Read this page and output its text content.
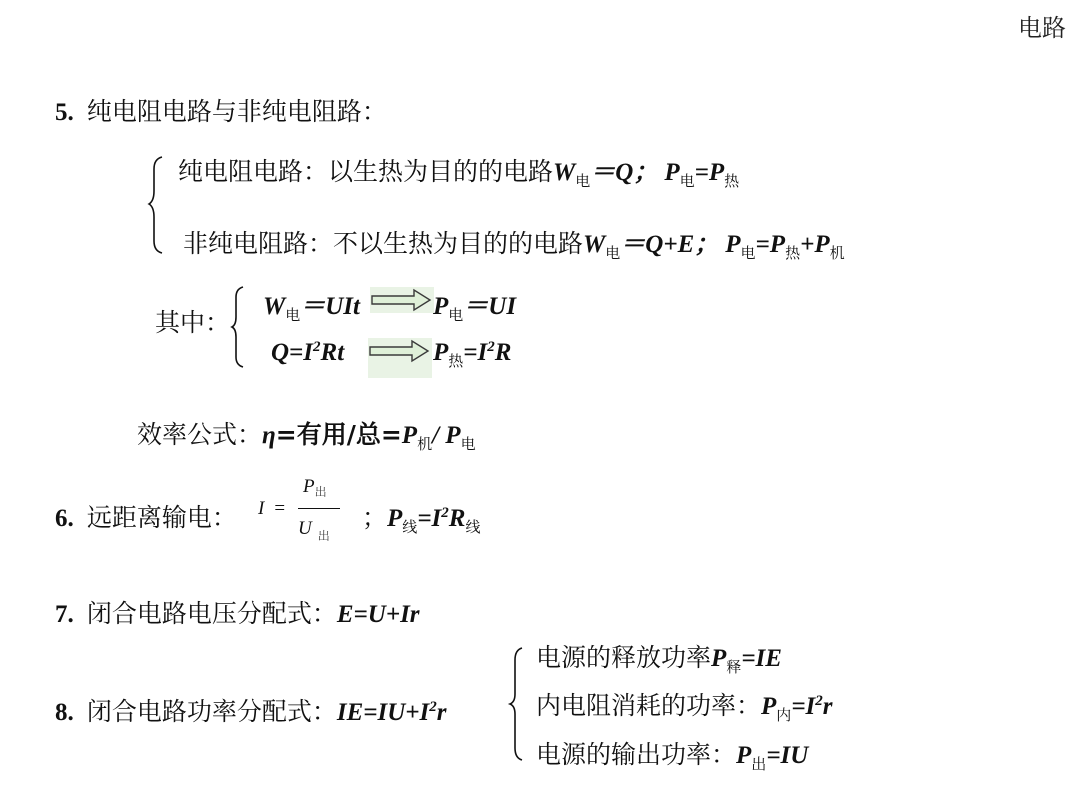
电路
5. 纯电阻电路与非纯电阻路：
纯电阻电路：以生热为目的的电路$W_电=Q$； $P_电=P_热$
非纯电阻路：不以生热为目的的电路$W_电=Q+E$； $P_电=P_热+P_机$
其中：
$W_电=UIt$	$P_电=UI$
$Q=I^2Rt$	$P_热=I^2R$
效率公式：η=有用/总$=P_机/$ $P_电$
6. 远距离输电： I =
$P_出$
U $_出$
；$P_线=I^2R_线$
7. 闭合电路电压分配式：E=U+Ir
8. 闭合电路功率分配式：$IE=IU+I^2r$
电源的释放功率$P_释=IE$
内电阻消耗的功率：$P_内=I^2r$
电源的输出功率：$P_出=IU$
